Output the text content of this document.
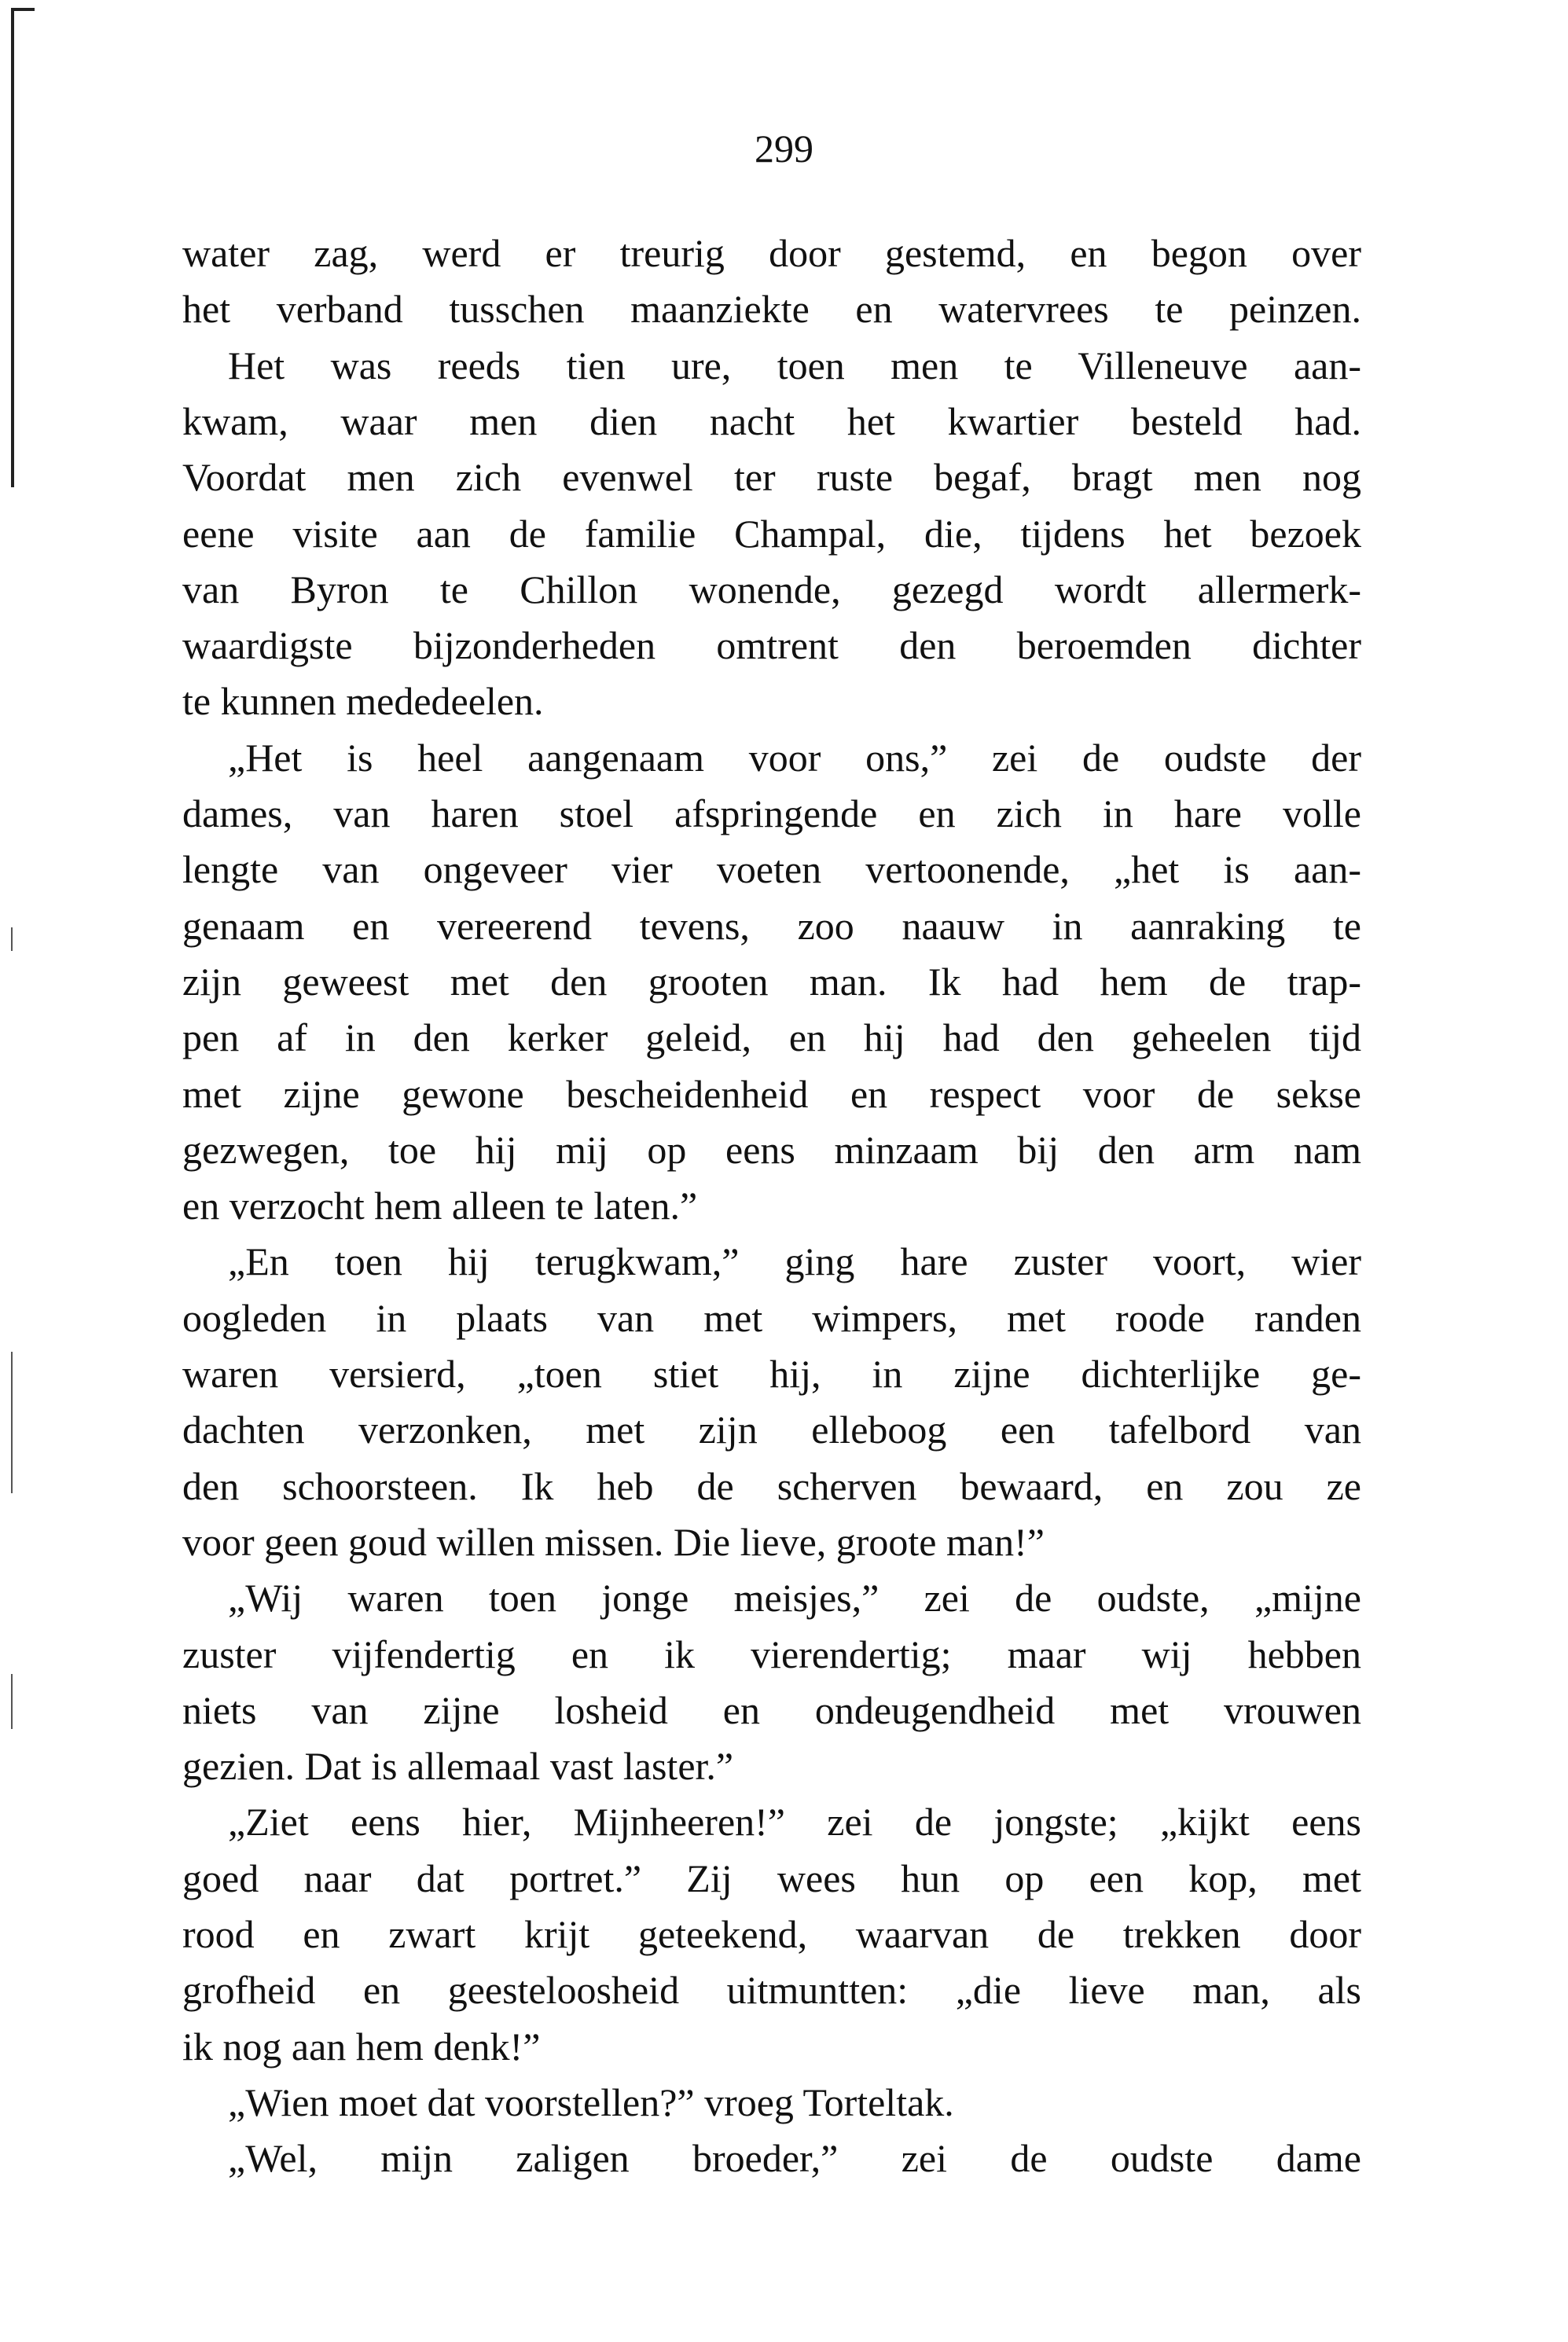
299
water zag, werd er treurig door gestemd, en begon over
het verband tusschen maanziekte en watervrees te peinzen.
Het was reeds tien ure, toen men te Villeneuve aan-
kwam, waar men dien nacht het kwartier besteld had.
Voordat men zich evenwel ter ruste begaf, bragt men nog
eene visite aan de familie Champal, die, tijdens het bezoek
van Byron te Chillon wonende, gezegd wordt allermerk-
waardigste bijzonderheden omtrent den beroemden dichter
te kunnen mededeelen.
„Het is heel aangenaam voor ons,” zei de oudste der
dames, van haren stoel afspringende en zich in hare volle
lengte van ongeveer vier voeten vertoonende, „het is aan-
genaam en vereerend tevens, zoo naauw in aanraking te
zijn geweest met den grooten man. Ik had hem de trap-
pen af in den kerker geleid, en hij had den geheelen tijd
met zijne gewone bescheidenheid en respect voor de sekse
gezwegen, toe hij mij op eens minzaam bij den arm nam
en verzocht hem alleen te laten.”
„En toen hij terugkwam,” ging hare zuster voort, wier
oogleden in plaats van met wimpers, met roode randen
waren versierd, „toen stiet hij, in zijne dichterlijke ge-
dachten verzonken, met zijn elleboog een tafelbord van
den schoorsteen. Ik heb de scherven bewaard, en zou ze
voor geen goud willen missen. Die lieve, groote man!”
„Wij waren toen jonge meisjes,” zei de oudste, „mijne
zuster vijfendertig en ik vierendertig; maar wij hebben
niets van zijne losheid en ondeugendheid met vrouwen
gezien. Dat is allemaal vast laster.”
„Ziet eens hier, Mijnheeren!” zei de jongste; „kijkt eens
goed naar dat portret.” Zij wees hun op een kop, met
rood en zwart krijt geteekend, waarvan de trekken door
grofheid en geesteloosheid uitmuntten: „die lieve man, als
ik nog aan hem denk!”
„Wien moet dat voorstellen?” vroeg Torteltak.
„Wel, mijn zaligen broeder,” zei de oudste dame
